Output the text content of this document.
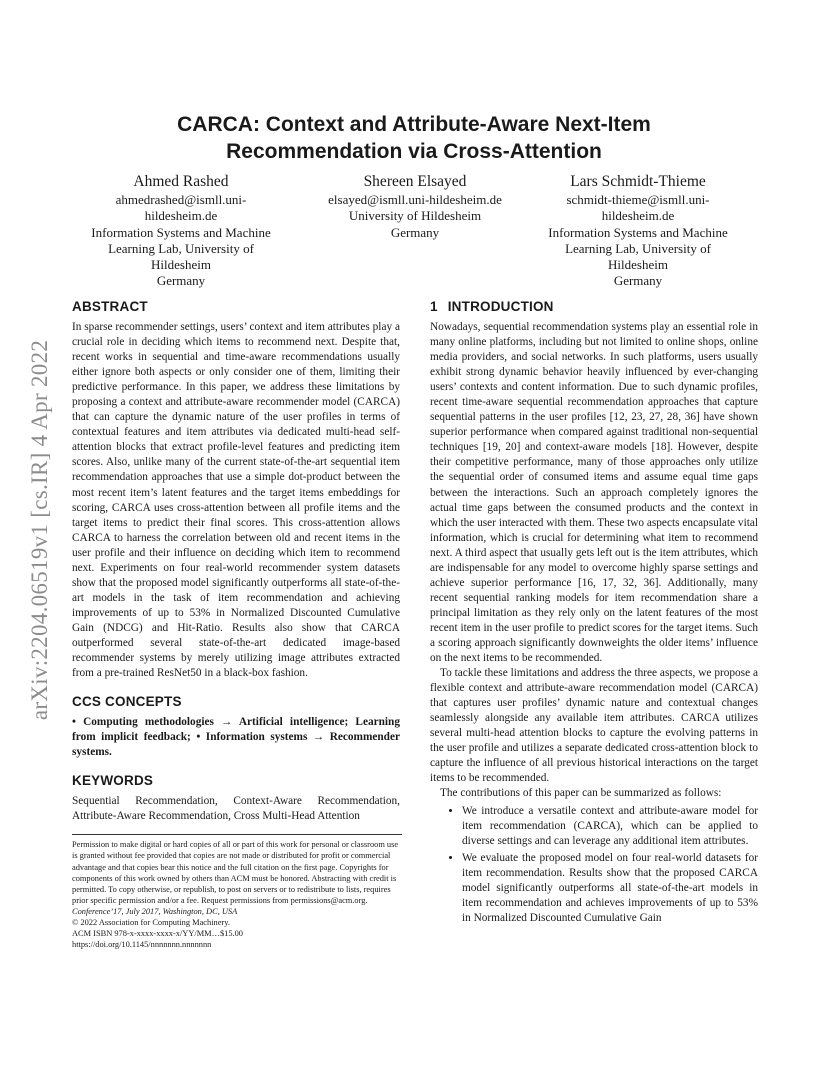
arXiv:2204.06519v1 [cs.IR] 4 Apr 2022
CARCA: Context and Attribute-Aware Next-Item
Recommendation via Cross-Attention
Ahmed Rashed
ahmedrashed@ismll.uni-
hildesheim.de
Information Systems and Machine
Learning Lab, University of
Hildesheim
Germany
Shereen Elsayed
elsayed@ismll.uni-hildesheim.de
University of Hildesheim
Germany
Lars Schmidt-Thieme
schmidt-thieme@ismll.uni-
hildesheim.de
Information Systems and Machine
Learning Lab, University of
Hildesheim
Germany
ABSTRACT

In sparse recommender settings, users’ context and item attributes play a crucial role in deciding which items to recommend next. Despite that, recent works in sequential and time-aware recommendations usually either ignore both aspects or only consider one of them, limiting their predictive performance. In this paper, we address these limitations by proposing a context and attribute-aware recommender model (CARCA) that can capture the dynamic nature of the user profiles in terms of contextual features and item attributes via dedicated multi-head self-attention blocks that extract profile-level features and predicting item scores. Also, unlike many of the current state-of-the-art sequential item recommendation approaches that use a simple dot-product between the most recent item’s latent features and the target items embeddings for scoring, CARCA uses cross-attention between all profile items and the target items to predict their final scores. This cross-attention allows CARCA to harness the correlation between old and recent items in the user profile and their influence on deciding which item to recommend next. Experiments on four real-world recommender system datasets show that the proposed model significantly outperforms all state-of-the-art models in the task of item recommendation and achieving improvements of up to 53% in Normalized Discounted Cumulative Gain (NDCG) and Hit-Ratio. Results also show that CARCA outperformed several state-of-the-art dedicated image-based recommender systems by merely utilizing image attributes extracted from a pre-trained ResNet50 in a black-box fashion.

CCS CONCEPTS

• Computing methodologies → Artificial intelligence; Learning from implicit feedback; • Information systems → Recommender systems.

KEYWORDS

Sequential Recommendation, Context-Aware Recommendation, Attribute-Aware Recommendation, Cross Multi-Head Attention

Permission to make digital or hard copies of all or part of this work for personal or classroom use is granted without fee provided that copies are not made or distributed for profit or commercial advantage and that copies bear this notice and the full citation on the first page. Copyrights for components of this work owned by others than ACM must be honored. Abstracting with credit is permitted. To copy otherwise, or republish, to post on servers or to redistribute to lists, requires prior specific permission and/or a fee. Request permissions from permissions@acm.org.

Conference’17, July 2017, Washington, DC, USA

© 2022 Association for Computing Machinery.

ACM ISBN 978-x-xxxx-xxxx-x/YY/MM…$15.00

https://doi.org/10.1145/nnnnnnn.nnnnnnn

1 INTRODUCTION

Nowadays, sequential recommendation systems play an essential role in many online platforms, including but not limited to online shops, online media providers, and social networks. In such platforms, users usually exhibit strong dynamic behavior heavily influenced by ever-changing users’ contexts and content information. Due to such dynamic profiles, recent time-aware sequential recommendation approaches that capture sequential patterns in the user profiles [12, 23, 27, 28, 36] have shown superior performance when compared against traditional non-sequential techniques [19, 20] and context-aware models [18]. However, despite their competitive performance, many of those approaches only utilize the sequential order of consumed items and assume equal time gaps between the interactions. Such an approach completely ignores the actual time gaps between the consumed products and the context in which the user interacted with them. These two aspects encapsulate vital information, which is crucial for determining what item to recommend next. A third aspect that usually gets left out is the item attributes, which are indispensable for any model to overcome highly sparse settings and achieve superior performance [16, 17, 32, 36]. Additionally, many recent sequential ranking models for item recommendation share a principal limitation as they rely only on the latent features of the most recent item in the user profile to predict scores for the target items. Such a scoring approach significantly downweights the older items’ influence on the next items to be recommended.

To tackle these limitations and address the three aspects, we propose a flexible context and attribute-aware recommendation model (CARCA) that captures user profiles’ dynamic nature and contextual changes seamlessly alongside any available item attributes. CARCA utilizes several multi-head attention blocks to capture the evolving patterns in the user profile and utilizes a separate dedicated cross-attention block to capture the influence of all previous historical interactions on the target items to be recommended.

The contributions of this paper can be summarized as follows:

• We introduce a versatile context and attribute-aware model for item recommendation (CARCA), which can be applied to diverse settings and can leverage any additional item attributes.
• We evaluate the proposed model on four real-world datasets for item recommendation. Results show that the proposed CARCA model significantly outperforms all state-of-the-art models in item recommendation and achieves improvements of up to 53% in Normalized Discounted Cumulative Gain
